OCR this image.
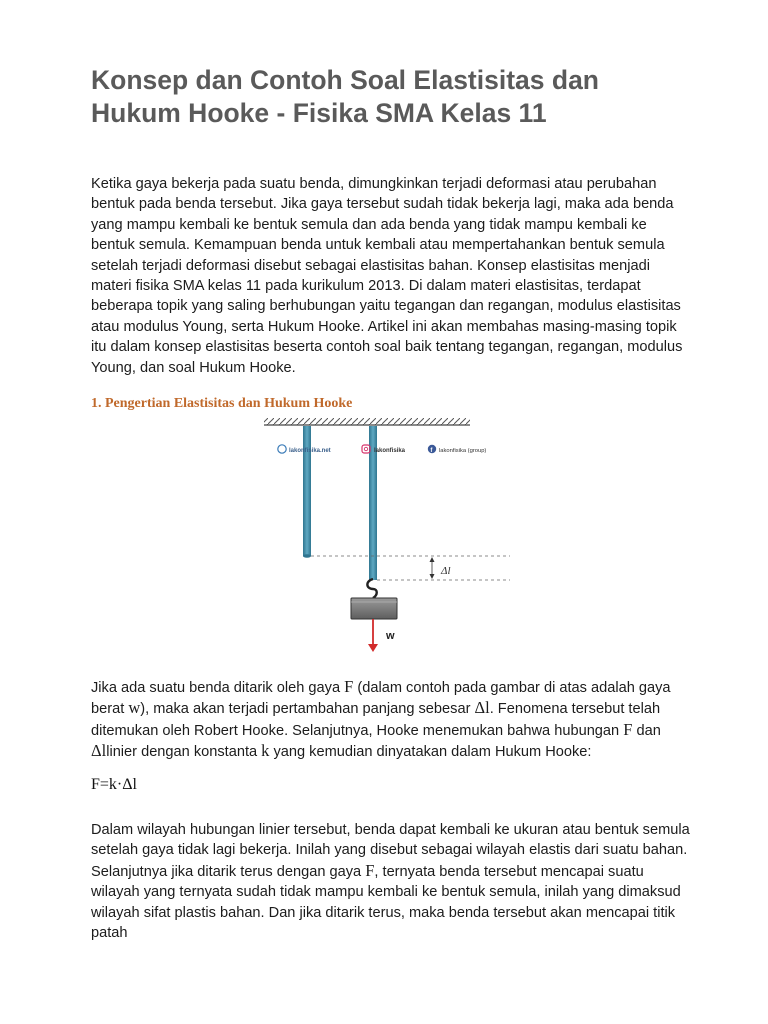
Konsep dan Contoh Soal Elastisitas dan Hukum Hooke - Fisika SMA Kelas 11

Ketika gaya bekerja pada suatu benda, dimungkinkan terjadi deformasi atau perubahan bentuk pada benda tersebut. Jika gaya tersebut sudah tidak bekerja lagi, maka ada benda yang mampu kembali ke bentuk semula dan ada benda yang tidak mampu kembali ke bentuk semula. Kemampuan benda untuk kembali atau mempertahankan bentuk semula setelah terjadi deformasi disebut sebagai elastisitas bahan. Konsep elastisitas menjadi materi fisika SMA kelas 11 pada kurikulum 2013. Di dalam materi elastisitas, terdapat beberapa topik yang saling berhubungan yaitu tegangan dan regangan, modulus elastisitas atau modulus Young, serta Hukum Hooke. Artikel ini akan membahas masing-masing topik itu dalam konsep elastisitas beserta contoh soal baik tentang tegangan, regangan, modulus Young, dan soal Hukum Hooke.

1. Pengertian Elastisitas dan Hukum Hooke
w
Δl
lakonfisika.net	lakonfisika	f lakonfisika (group)

Jika ada suatu benda ditarik oleh gaya F (dalam contoh pada gambar di atas adalah gaya berat w), maka akan terjadi pertambahan panjang sebesar Δl. Fenomena tersebut telah ditemukan oleh Robert Hooke. Selanjutnya, Hooke menemukan bahwa hubungan F dan Δllinier dengan konstanta k yang kemudian dinyatakan dalam Hukum Hooke:

F=k·Δl

Dalam wilayah hubungan linier tersebut, benda dapat kembali ke ukuran atau bentuk semula setelah gaya tidak lagi bekerja. Inilah yang disebut sebagai wilayah elastis dari suatu bahan. Selanjutnya jika ditarik terus dengan gaya F, ternyata benda tersebut mencapai suatu wilayah yang ternyata sudah tidak mampu kembali ke bentuk semula, inilah yang dimaksud wilayah sifat plastis bahan. Dan jika ditarik terus, maka benda tersebut akan mencapai titik patah
